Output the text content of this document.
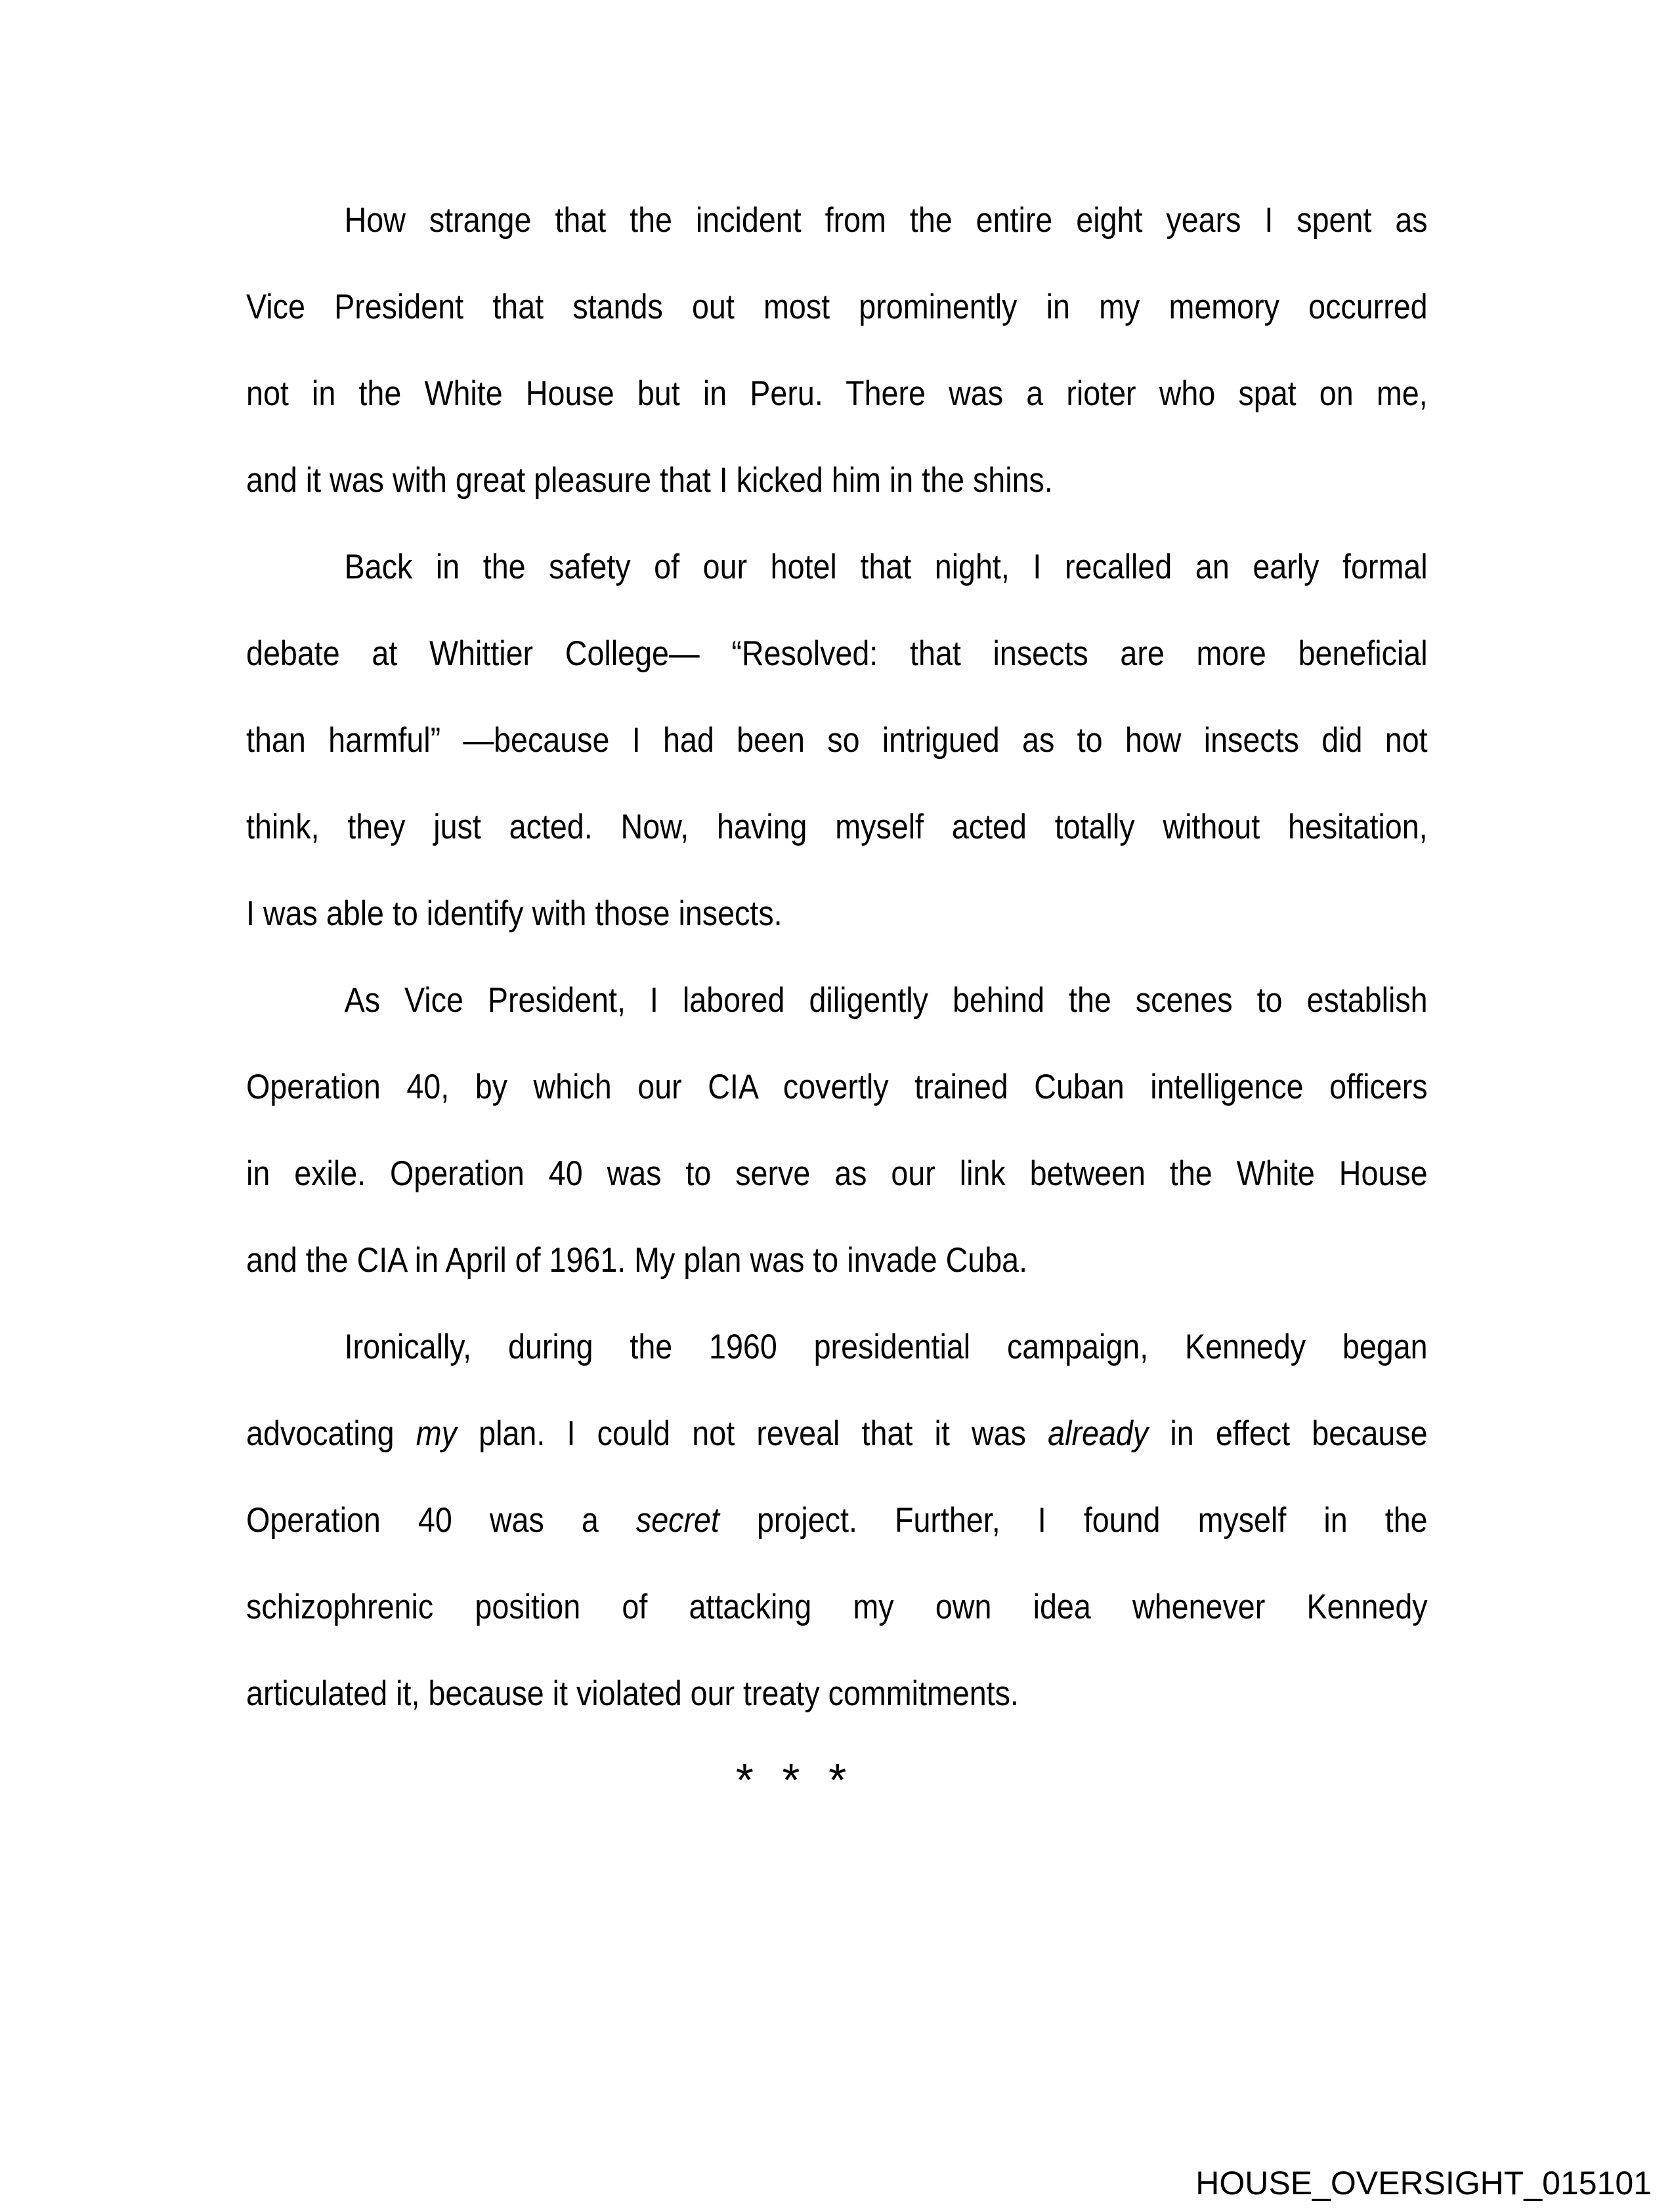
How strange that the incident from the entire eight years I spent as
Vice President that stands out most prominently in my memory occurred
not in the White House but in Peru. There was a rioter who spat on me,
and it was with great pleasure that I kicked him in the shins.
Back in the safety of our hotel that night, I recalled an early formal
debate at Whittier College— “Resolved: that insects are more beneficial
than harmful” —because I had been so intrigued as to how insects did not
think, they just acted. Now, having myself acted totally without hesitation,
I was able to identify with those insects.
As Vice President, I labored diligently behind the scenes to establish
Operation 40, by which our CIA covertly trained Cuban intelligence officers
in exile. Operation 40 was to serve as our link between the White House
and the CIA in April of 1961. My plan was to invade Cuba.
Ironically, during the 1960 presidential campaign, Kennedy began
advocating my plan. I could not reveal that it was already in effect because
Operation 40 was a secret project. Further, I found myself in the
schizophrenic position of attacking my own idea whenever Kennedy
articulated it, because it violated our treaty commitments.
* * *
HOUSE_OVERSIGHT_015101
